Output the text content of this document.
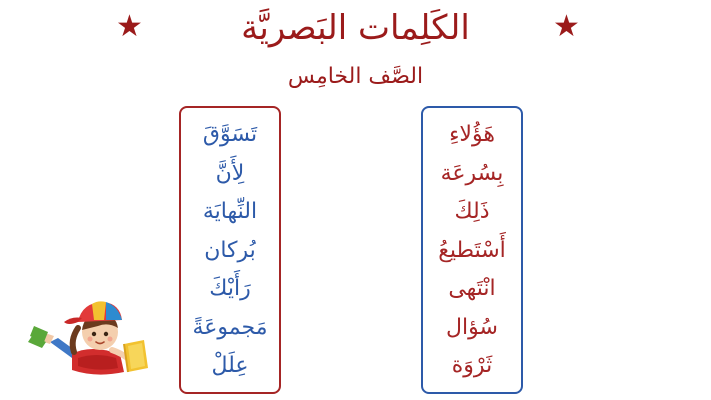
★	★
الكَلِمات البَصريَّة
الصَّف الخامِس
تَسَوَّقَ
لِأَنَّ
النِّهايَة
بُركان
رَأَيْكَ
مَجموعَةً
عِلَلْ
هَؤُلاءِ
بِسُرعَة
ذَلِكَ
أَسْتَطيعُ
انْتَهى
سُؤال
ثَرْوَة
